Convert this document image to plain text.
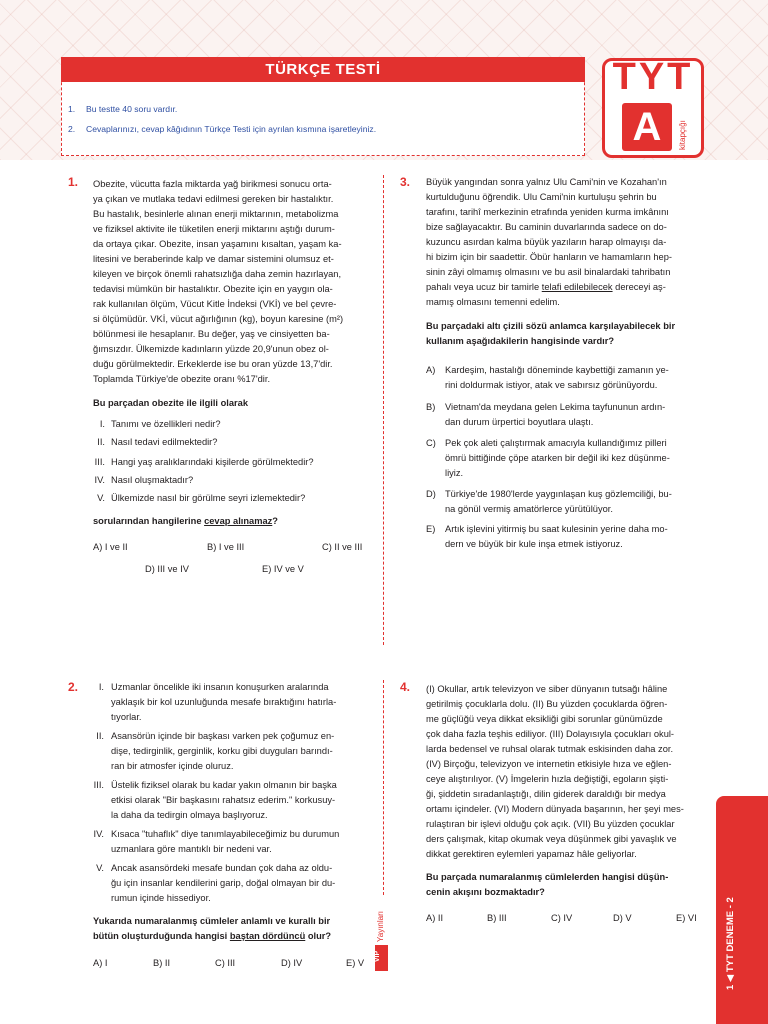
TÜRKÇE TESTİ
1. Bu testte 40 soru vardır.
2. Cevaplarınızı, cevap kâğıdının Türkçe Testi için ayrılan kısmına işaretleyiniz.
TYT
A	kitapçığı
1. Obezite, vücutta fazla miktarda yağ birikmesi sonucu orta-
ya çıkan ve mutlaka tedavi edilmesi gereken bir hastalıktır.
Bu hastalık, besinlerle alınan enerji miktarının, metabolizma
ve fiziksel aktivite ile tüketilen enerji miktarını aştığı durum-
da ortaya çıkar. Obezite, insan yaşamını kısaltan, yaşam ka-
litesini ve beraberinde kalp ve damar sistemini olumsuz et-
kileyen ve birçok önemli rahatsızlığa daha zemin hazırlayan,
tedavisi mümkün bir hastalıktır. Obezite için en yaygın ola-
rak kullanılan ölçüm, Vücut Kitle İndeksi (VKİ) ve bel çevre-
si ölçümüdür. VKİ, vücut ağırlığının (kg), boyun karesine (m²)
bölünmesi ile hesaplanır. Bu değer, yaş ve cinsiyetten ba-
ğımsızdır. Ülkemizde kadınların yüzde 20,9'unun obez ol-
duğu görülmektedir. Erkeklerde ise bu oran yüzde 13,7'dir.
Toplamda Türkiye'de obezite oranı %17'dir.
Bu parçadan obezite ile ilgili olarak
I. Tanımı ve özellikleri nedir?
II. Nasıl tedavi edilmektedir?
III. Hangi yaş aralıklarındaki kişilerde görülmektedir?
IV. Nasıl oluşmaktadır?
V. Ülkemizde nasıl bir görülme seyri izlemektedir?
sorularından hangilerine cevap alınamaz?
A) I ve II	B) I ve III	C) II ve III
D) III ve IV	E) IV ve V
2.	I. Uzmanlar öncelikle iki insanın konuşurken aralarında
yaklaşık bir kol uzunluğunda mesafe bıraktığını hatırla-
tıyorlar.
II. Asansörün içinde bir başkası varken pek çoğumuz en-
dişe, tedirginlik, gerginlik, korku gibi duyguları barındı-
ran bir atmosfer içinde oluruz.
III. Üstelik fiziksel olarak bu kadar yakın olmanın bir başka
etkisi olarak "Bir başkasını rahatsız ederim." korkusuy-
la daha da tedirgin olmaya başlıyoruz.
IV. Kısaca "tuhaflık" diye tanımlayabileceğimiz bu durumun
uzmanlara göre mantıklı bir nedeni var.
V. Ancak asansördeki mesafe bundan çok daha az oldu-
ğu için insanlar kendilerini garip, doğal olmayan bir du-
rumun içinde hissediyor.
Yukarıda numaralanmış cümleler anlamlı ve kurallı bir
bütün oluşturduğunda hangisi baştan dördüncü olur?
A) I	B) II	C) III	D) IV	E) V
VIP
Yayınları
3. Büyük yangından sonra yalnız Ulu Cami'nin ve Kozahan'ın
kurtulduğunu öğrendik. Ulu Cami'nin kurtuluşu şehrin bu
tarafını, tarihî merkezinin etrafında yeniden kurma imkânını
bize sağlayacaktır. Bu caminin duvarlarında sadece on do-
kuzuncu asırdan kalma büyük yazıların harap olmayışı da-
hi bizim için bir saadettir. Öbür hanların ve hamamların hep-
sinin zâyi olmamış olmasını ve bu asil binalardaki tahribatın
pahalı veya ucuz bir tamirle telafi edilebilecek dereceyi aş-
mamış olmasını temenni edelim.
Bu parçadaki altı çizili sözü anlamca karşılayabilecek bir
kullanım aşağıdakilerin hangisinde vardır?
A) Kardeşim, hastalığı döneminde kaybettiği zamanın ye-
rini doldurmak istiyor, atak ve sabırsız görünüyordu.
B) Vietnam'da meydana gelen Lekima tayfununun ardın-
dan durum ürpertici boyutlara ulaştı.
C) Pek çok aleti çalıştırmak amacıyla kullandığımız pilleri
ömrü bittiğinde çöpe atarken bir değil iki kez düşünme-
liyiz.
D) Türkiye'de 1980'lerde yaygınlaşan kuş gözlemciliği, bu-
na gönül vermiş amatörlerce yürütülüyor.
E) Artık işlevini yitirmiş bu saat kulesinin yerine daha mo-
dern ve büyük bir kule inşa etmek istiyoruz.
4. (I) Okullar, artık televizyon ve siber dünyanın tutsağı hâline
getirilmiş çocuklarla dolu. (II) Bu yüzden çocuklarda öğren-
me güçlüğü veya dikkat eksikliği gibi sorunlar günümüzde
çok daha fazla teşhis ediliyor. (III) Dolayısıyla çocukları okul-
larda bedensel ve ruhsal olarak tutmak eskisinden daha zor.
(IV) Birçoğu, televizyon ve internetin etkisiyle hıza ve eğlen-
ceye alıştırılıyor. (V) İmgelerin hızla değiştiği, egoların şişti-
ği, şiddetin sıradanlaştığı, dilin giderek daraldığı bir medya
ortamı içindeler. (VI) Modern dünyada başarının, her şeyi mes-
rulaştıran bir işlevi olduğu çok açık. (VII) Bu yüzden çocuklar
ders çalışmak, kitap okumak veya düşünmek gibi yavaşlık ve
dikkat gerektiren eylemleri yapamaz hâle geliyorlar.
Bu parçada numaralanmış cümlelerden hangisi düşün-
cenin akışını bozmaktadır?
A) II	B) III	C) IV	D) V	E) VI	1 ◀ TYT DENEME - 2
